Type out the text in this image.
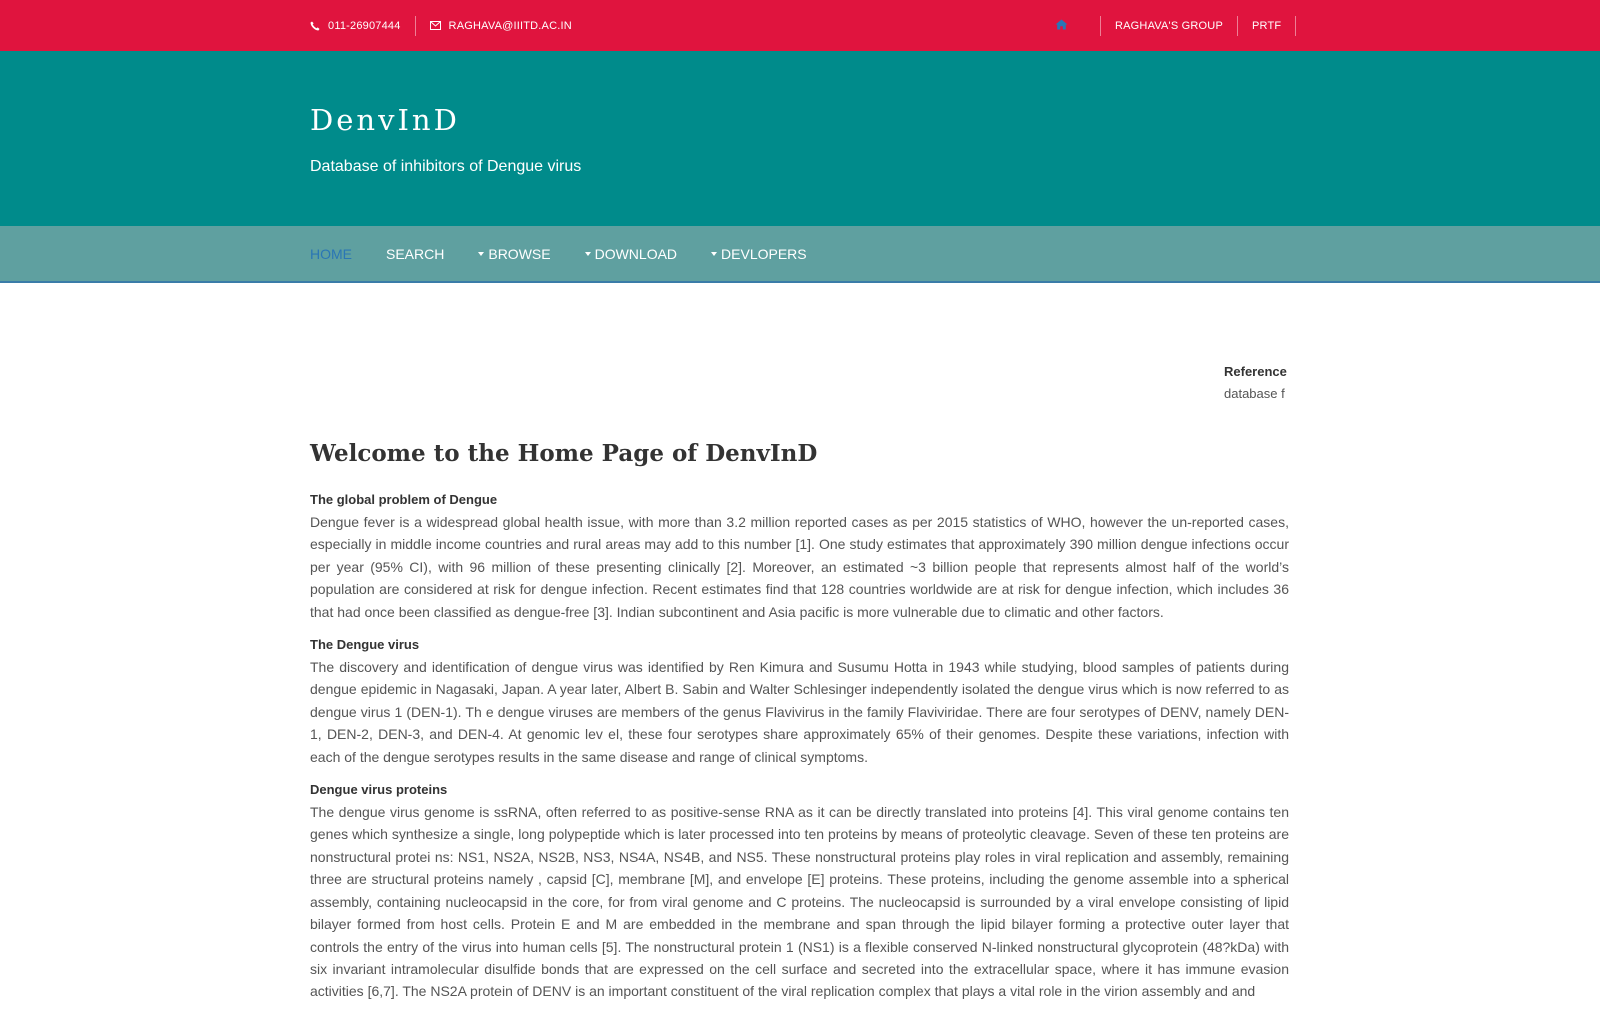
011-26907444	RAGHAVA@IIITD.AC.IN	RAGHAVA'S GROUP	PRTF
DenvInD
Database of inhibitors of Dengue virus
HOME SEARCH	BROWSE	DOWNLOAD	DEVLOPERS
Reference
database f
Welcome to the Home Page of DenvInD
The global problem of Dengue

Dengue fever is a widespread global health issue, with more than 3.2 million reported cases as per 2015 statistics of WHO, however the un-reported cases, especially in middle income countries and rural areas may add to this number [1]. One study estimates that approximately 390 million dengue infections occur per year (95% CI), with 96 million of these presenting clinically [2]. Moreover, an estimated ~3 billion people that represents almost half of the world’s population are considered at risk for dengue infection. Recent estimates find that 128 countries worldwide are at risk for dengue infection, which includes 36 that had once been classified as dengue-free [3]. Indian subcontinent and Asia pacific is more vulnerable due to climatic and other factors.

The Dengue virus

The discovery and identification of dengue virus was identified by Ren Kimura and Susumu Hotta in 1943 while studying, blood samples of patients during dengue epidemic in Nagasaki, Japan. A year later, Albert B. Sabin and Walter Schlesinger independently isolated the dengue virus which is now referred to as dengue virus 1 (DEN-1). Th e dengue viruses are members of the genus Flavivirus in the family Flaviviridae. There are four serotypes of DENV, namely DEN-1, DEN-2, DEN-3, and DEN-4. At genomic lev el, these four serotypes share approximately 65% of their genomes. Despite these variations, infection with each of the dengue serotypes results in the same disease and range of clinical symptoms.

Dengue virus proteins

The dengue virus genome is ssRNA, often referred to as positive-sense RNA as it can be directly translated into proteins [4]. This viral genome contains ten genes which synthesize a single, long polypeptide which is later processed into ten proteins by means of proteolytic cleavage. Seven of these ten proteins are nonstructural protei ns: NS1, NS2A, NS2B, NS3, NS4A, NS4B, and NS5. These nonstructural proteins play roles in viral replication and assembly, remaining three are structural proteins namely , capsid [C], membrane [M], and envelope [E] proteins. These proteins, including the genome assemble into a spherical assembly, containing nucleocapsid in the core, for from viral genome and C proteins. The nucleocapsid is surrounded by a viral envelope consisting of lipid bilayer formed from host cells. Protein E and M are embedded in the membrane and span through the lipid bilayer forming a protective outer layer that controls the entry of the virus into human cells [5]. The nonstructural protein 1 (NS1) is a flexible conserved N-linked nonstructural glycoprotein (48?kDa) with six invariant intramolecular disulfide bonds that are expressed on the cell surface and secreted into the extracellular space, where it has immune evasion activities [6,7]. The NS2A protein of DENV is an important constituent of the viral replication complex that plays a vital role in the virion assembly and and
